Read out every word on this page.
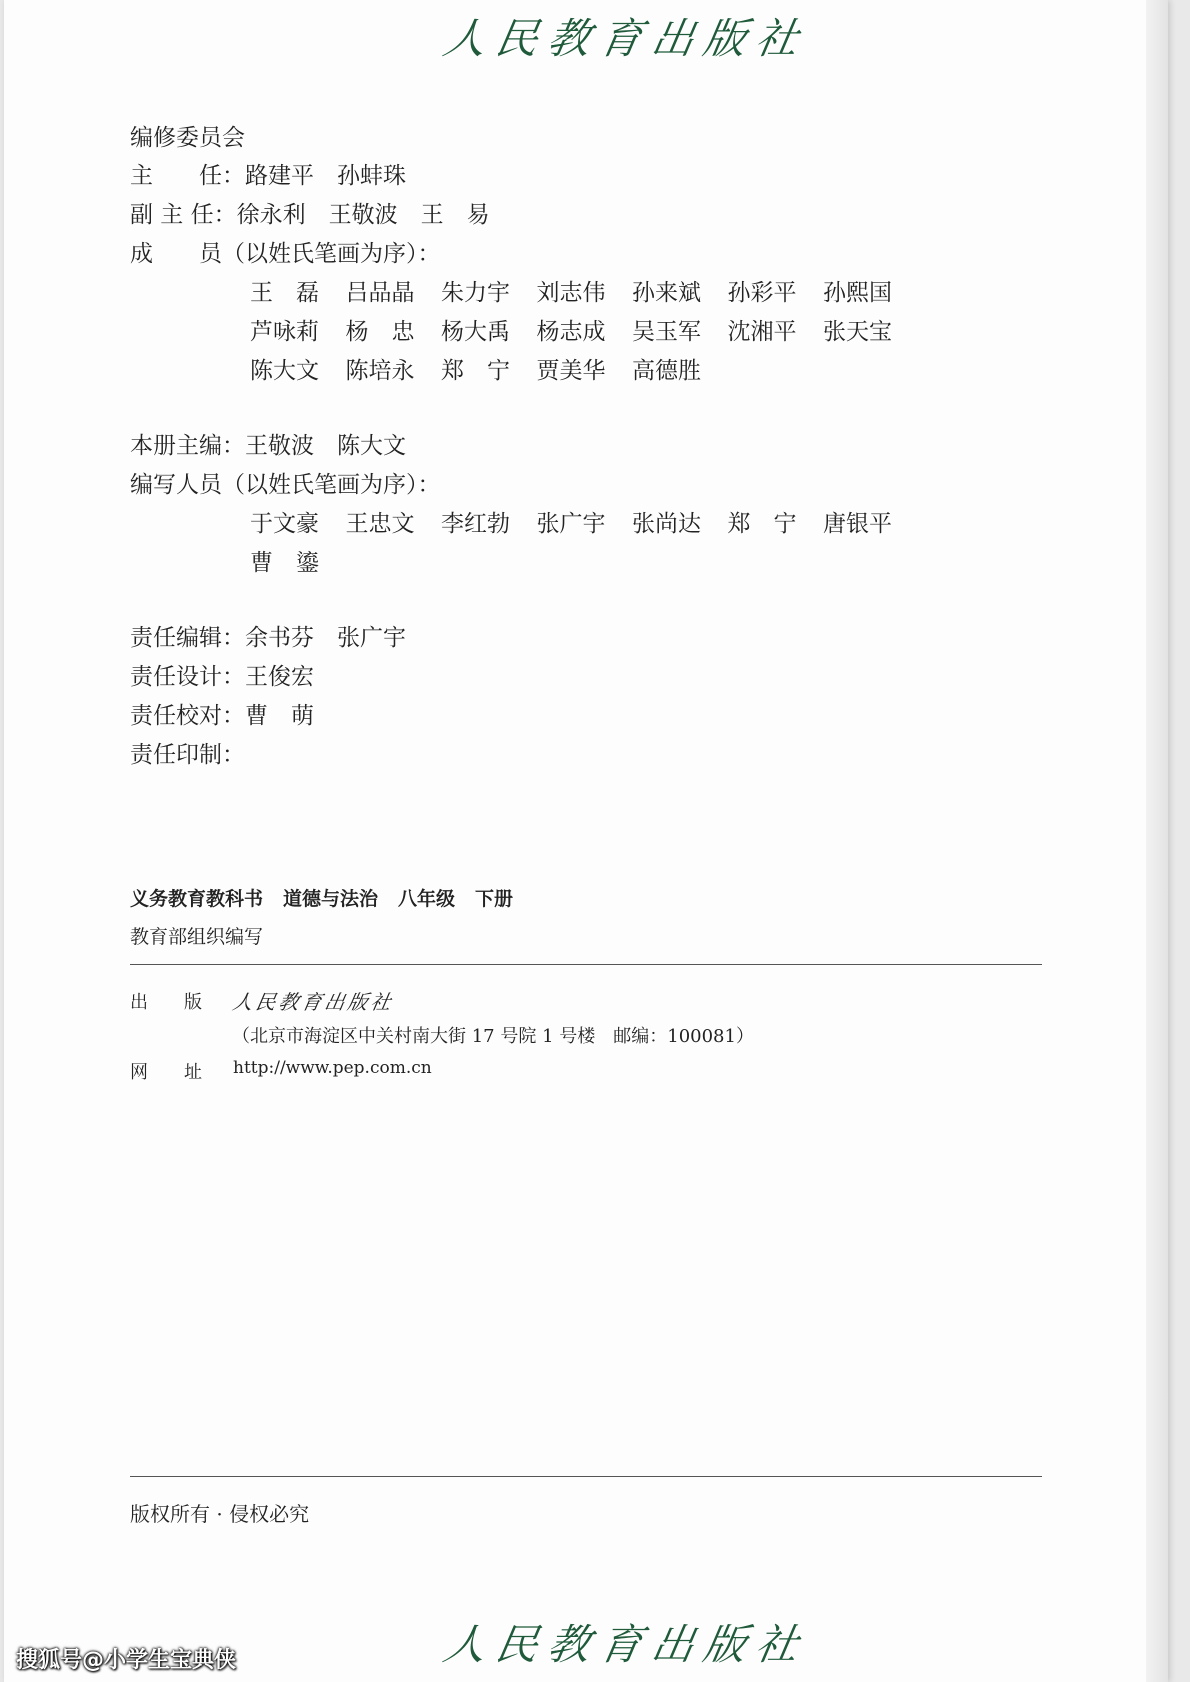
人民教育出版社
编修委员会
主　　任：路建平　孙蚌珠
副 主 任：徐永利　王敬波　王　易
成　　员（以姓氏笔画为序）：
王　磊 吕品晶 朱力宇 刘志伟 孙来斌 孙彩平 孙熙国
芦咏莉 杨　忠 杨大禹 杨志成 吴玉军 沈湘平 张天宝
陈大文 陈培永 郑　宁 贾美华 高德胜
本册主编：王敬波　陈大文
编写人员（以姓氏笔画为序）：
于文豪 王忠文 李红勃 张广宇 张尚达 郑　宁 唐银平
曹　鎏
责任编辑：余书芬　张广宇
责任设计：王俊宏
责任校对：曹　萌
责任印制：
义务教育教科书 道德与法治 八年级 下册
教育部组织编写
出　　版 人民教育出版社
（北京市海淀区中关村南大街 17 号院 1 号楼　邮编：100081）
网　　址 http://www.pep.com.cn
版权所有 · 侵权必究
人民教育出版社
搜狐号@小学生宝典侠
